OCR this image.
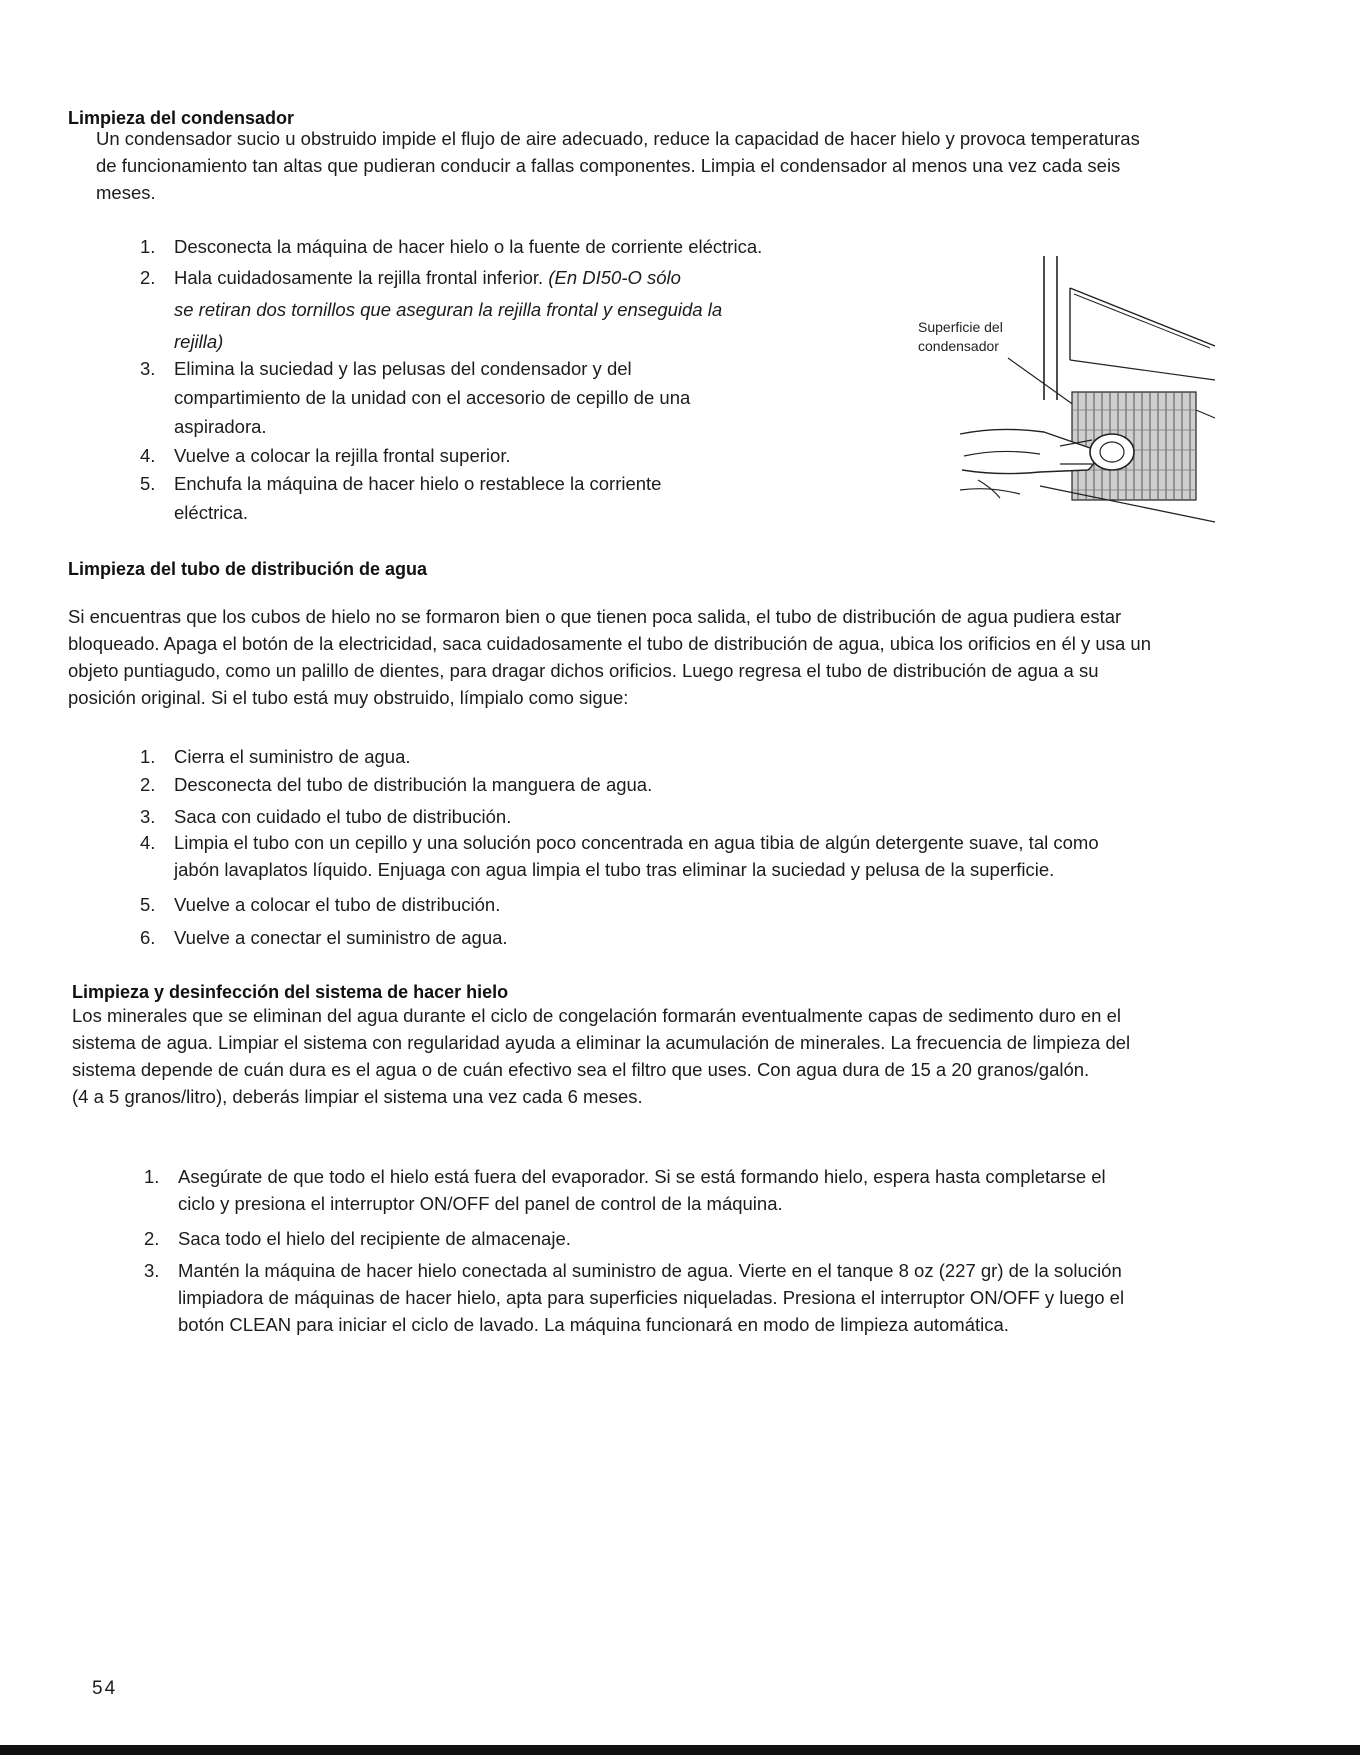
Limpieza del condensador

Un condensador sucio u obstruido impide el flujo de aire adecuado, reduce la capacidad de hacer hielo y provoca temperaturas

de funcionamiento tan altas que pudieran conducir a fallas componentes. Limpia el condensador al menos una vez cada seis

meses.

1. Desconecta la máquina de hacer hielo o la fuente de corriente eléctrica.
2. Hala cuidadosamente la rejilla frontal inferior. (En DI50-O sólo
se retiran dos tornillos que aseguran la rejilla frontal y enseguida la
rejilla)
3. Elimina la suciedad y las pelusas del condensador y del
compartimiento de la unidad con el accesorio de cepillo de una
aspiradora.
4. Vuelve a colocar la rejilla frontal superior.
5. Enchufa la máquina de hacer hielo o restablece la corriente
eléctrica.
Superficie del
condensador
Limpieza del tubo de distribución de agua

Si encuentras que los cubos de hielo no se formaron bien o que tienen poca salida, el tubo de distribución de agua pudiera estar

bloqueado. Apaga el botón de la electricidad, saca cuidadosamente el tubo de distribución de agua, ubica los orificios en él y usa un

objeto puntiagudo, como un palillo de dientes, para dragar dichos orificios. Luego regresa el tubo de distribución de agua a su

posición original. Si el tubo está muy obstruido, límpialo como sigue:

1. Cierra el suministro de agua.
2. Desconecta del tubo de distribución la manguera de agua.
3. Saca con cuidado el tubo de distribución.
4. Limpia el tubo con un cepillo y una solución poco concentrada en agua tibia de algún detergente suave, tal como
jabón lavaplatos líquido. Enjuaga con agua limpia el tubo tras eliminar la suciedad y pelusa de la superficie.
5. Vuelve a colocar el tubo de distribución.
6. Vuelve a conectar el suministro de agua.
Limpieza y desinfección del sistema de hacer hielo

Los minerales que se eliminan del agua durante el ciclo de congelación formarán eventualmente capas de sedimento duro en el

sistema de agua. Limpiar el sistema con regularidad ayuda a eliminar la acumulación de minerales. La frecuencia de limpieza del

sistema depende de cuán dura es el agua o de cuán efectivo sea el filtro que uses. Con agua dura de 15 a 20 granos/galón.

(4 a 5 granos/litro), deberás limpiar el sistema una vez cada 6 meses.

1. Asegúrate de que todo el hielo está fuera del evaporador. Si se está formando hielo, espera hasta completarse el
ciclo y presiona el interruptor ON/OFF del panel de control de la máquina.
2. Saca todo el hielo del recipiente de almacenaje.
3. Mantén la máquina de hacer hielo conectada al suministro de agua. Vierte en el tanque 8 oz (227 gr) de la solución
limpiadora de máquinas de hacer hielo, apta para superficies niqueladas. Presiona el interruptor ON/OFF y luego el
botón CLEAN para iniciar el ciclo de lavado. La máquina funcionará en modo de limpieza automática.
54
